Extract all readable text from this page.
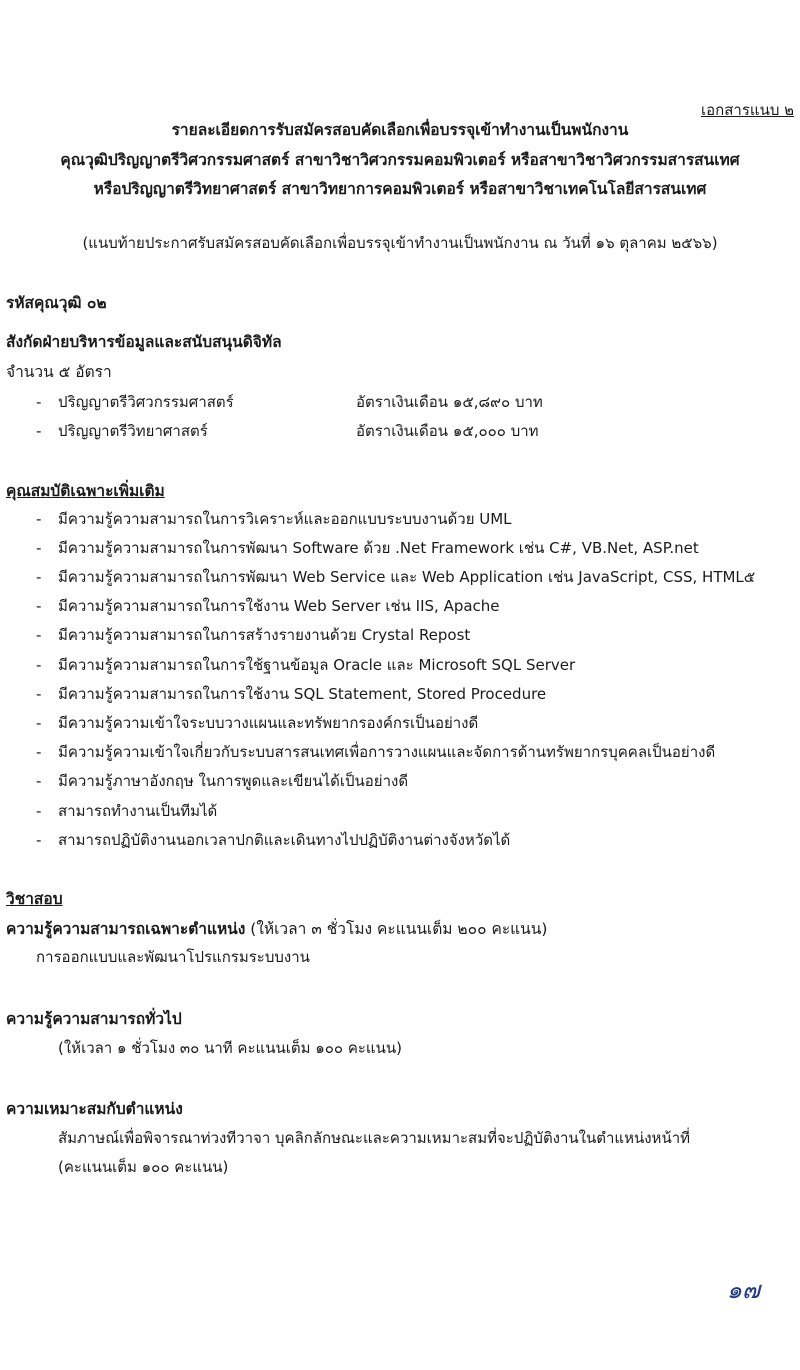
เอกสารแนบ ๒
รายละเอียดการรับสมัครสอบคัดเลือกเพื่อบรรจุเข้าทำงานเป็นพนักงาน
คุณวุฒิปริญญาตรีวิศวกรรมศาสตร์ สาขาวิชาวิศวกรรมคอมพิวเตอร์ หรือสาขาวิชาวิศวกรรมสารสนเทศ
หรือปริญญาตรีวิทยาศาสตร์ สาขาวิทยาการคอมพิวเตอร์ หรือสาขาวิชาเทคโนโลยีสารสนเทศ
(แนบท้ายประกาศรับสมัครสอบคัดเลือกเพื่อบรรจุเข้าทำงานเป็นพนักงาน ณ วันที่ ๑๖ ตุลาคม ๒๕๖๖)
รหัสคุณวุฒิ ๐๒
สังกัดฝ่ายบริหารข้อมูลและสนับสนุนดิจิทัล
จำนวน ๕ อัตรา
- ปริญญาตรีวิศวกรรมศาสตร์	อัตราเงินเดือน ๑๕,๘๙๐ บาท
- ปริญญาตรีวิทยาศาสตร์	อัตราเงินเดือน ๑๕,๐๐๐ บาท
คุณสมบัติเฉพาะเพิ่มเติม
- มีความรู้ความสามารถในการวิเคราะห์และออกแบบระบบงานด้วย UML
- มีความรู้ความสามารถในการพัฒนา Software ด้วย .Net Framework เช่น C#, VB.Net, ASP.net
- มีความรู้ความสามารถในการพัฒนา Web Service และ Web Application เช่น JavaScript, CSS, HTML๕
- มีความรู้ความสามารถในการใช้งาน Web Server เช่น IIS, Apache
- มีความรู้ความสามารถในการสร้างรายงานด้วย Crystal Repost
- มีความรู้ความสามารถในการใช้ฐานข้อมูล Oracle และ Microsoft SQL Server
- มีความรู้ความสามารถในการใช้งาน SQL Statement, Stored Procedure
- มีความรู้ความเข้าใจระบบวางแผนและทรัพยากรองค์กรเป็นอย่างดี
- มีความรู้ความเข้าใจเกี่ยวกับระบบสารสนเทศเพื่อการวางแผนและจัดการด้านทรัพยากรบุคคลเป็นอย่างดี
- มีความรู้ภาษาอังกฤษ ในการพูดและเขียนได้เป็นอย่างดี
- สามารถทำงานเป็นทีมได้
- สามารถปฏิบัติงานนอกเวลาปกติและเดินทางไปปฏิบัติงานต่างจังหวัดได้
วิชาสอบ
ความรู้ความสามารถเฉพาะตำแหน่ง (ให้เวลา ๓ ชั่วโมง คะแนนเต็ม ๒๐๐ คะแนน)
การออกแบบและพัฒนาโปรแกรมระบบงาน
ความรู้ความสามารถทั่วไป
(ให้เวลา ๑ ชั่วโมง ๓๐ นาที คะแนนเต็ม ๑๐๐ คะแนน)
ความเหมาะสมกับตำแหน่ง
สัมภาษณ์เพื่อพิจารณาท่วงทีวาจา บุคลิกลักษณะและความเหมาะสมที่จะปฏิบัติงานในตำแหน่งหน้าที่
(คะแนนเต็ม ๑๐๐ คะแนน)
๑๗
